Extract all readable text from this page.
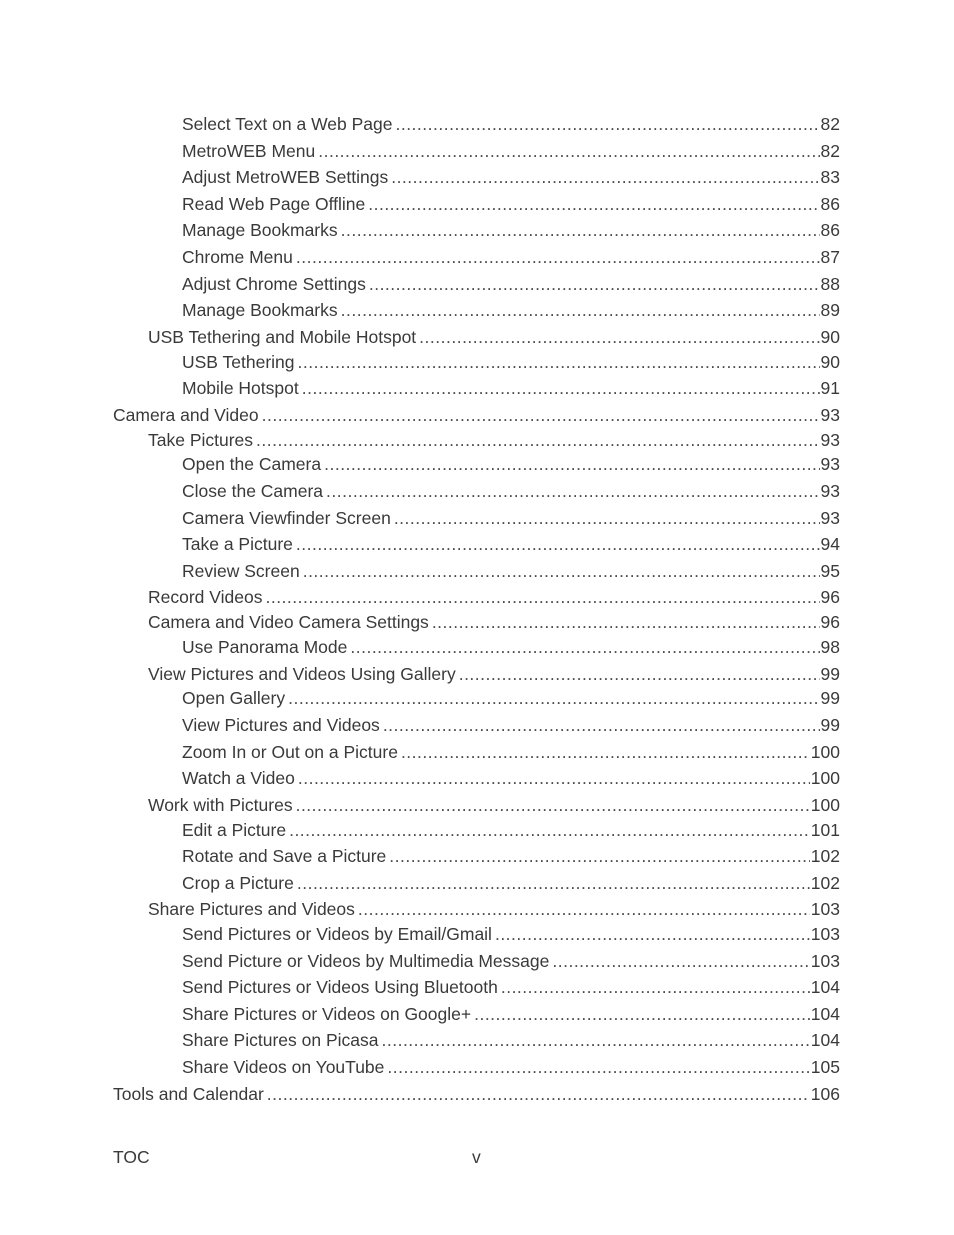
Select Text on a Web Page .....	82
MetroWEB Menu .....	82
Adjust MetroWEB Settings .....	83
Read Web Page Offline .....	86
Manage Bookmarks .....	86
Chrome Menu .....	87
Adjust Chrome Settings .....	88
Manage Bookmarks .....	89
USB Tethering and Mobile Hotspot .....	90
USB Tethering .....	90
Mobile Hotspot .....	91
Camera and Video .....	93
Take Pictures .....	93
Open the Camera .....	93
Close the Camera .....	93
Camera Viewfinder Screen .....	93
Take a Picture .....	94
Review Screen .....	95
Record Videos .....	96
Camera and Video Camera Settings .....	96
Use Panorama Mode .....	98
View Pictures and Videos Using Gallery .....	99
Open Gallery .....	99
View Pictures and Videos .....	99
Zoom In or Out on a Picture .....	100
Watch a Video .....	100
Work with Pictures .....	100
Edit a Picture .....	101
Rotate and Save a Picture .....	102
Crop a Picture .....	102
Share Pictures and Videos .....	103
Send Pictures or Videos by Email/Gmail .....	103
Send Picture or Videos by Multimedia Message .....	103
Send Pictures or Videos Using Bluetooth .....	104
Share Pictures or Videos on Google+ .....	104
Share Pictures on Picasa .....	104
Share Videos on YouTube .....	105
Tools and Calendar .....	106
TOC	v
